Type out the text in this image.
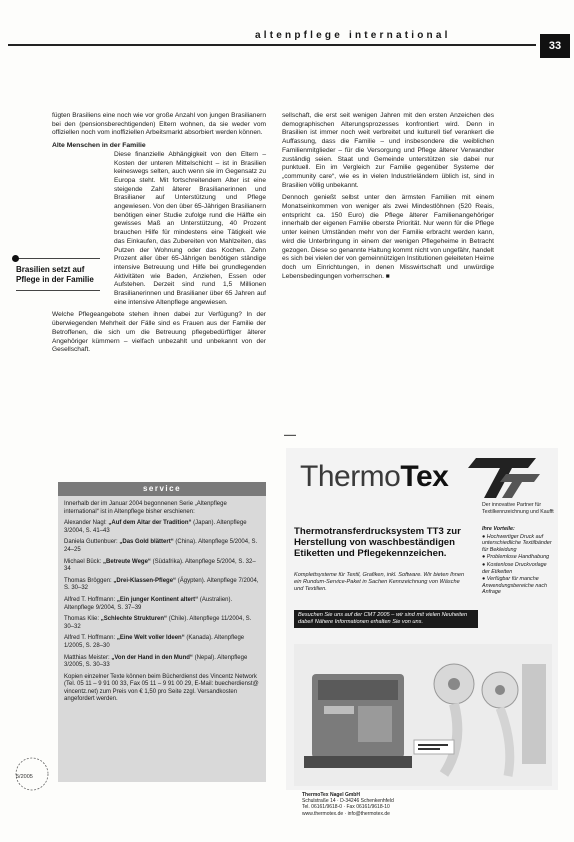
altenpflege international
33

fügten Brasiliens eine noch wie vor große Anzahl von jungen Brasilianern bei den (pensionsberechtigenden) Eltern wohnen, da sie weder vom offiziellen noch vom inoffiziellen Arbeitsmarkt absorbiert werden können.

Alte Menschen in der Familie

Diese finanzielle Abhängigkeit von den Eltern – Kosten der unteren Mittelschicht – ist in Brasilien keineswegs selten, auch wenn sie im Gegensatz zu Europa steht. Mit fortschreitendem Alter ist eine steigende Zahl älterer Brasilianerinnen und Brasilianer auf Unterstützung und Pflege angewiesen. Von den über 65-Jährigen Brasilianern benötigen einer Studie zufolge rund die Hälfte ein gewisses Maß an Unterstützung, 40 Prozent brauchen Hilfe für mindestens eine Tätigkeit wie das Einkaufen, das Zubereiten von Mahlzeiten, das Putzen der Wohnung oder das Kochen. Zehn Prozent aller über 65-Jährigen benötigen ständige intensive Betreuung und Hilfe bei grundlegenden Aktivitäten wie Baden, Anziehen, Essen oder Aufstehen. Derzeit sind rund 1,5 Millionen Brasilianerinnen und Brasilianer über 65 Jahren auf eine intensive Altenpflege angewiesen.

Welche Pflegeangebote stehen ihnen dabei zur Verfügung? In der überwiegenden Mehrheit der Fälle sind es Frauen aus der Familie der Betroffenen, die sich um die Betreuung pflegebedürftiger älterer Angehöriger kümmern – vielfach unbezahlt und unbekannt von der Gesellschaft.

Brasilien setzt auf Pflege in der Familie

sellschaft, die erst seit wenigen Jahren mit den ersten Anzeichen des demographischen Alterungsprozesses konfrontiert wird. Denn in Brasilien ist immer noch weit verbreitet und kulturell tief verankert die Auffassung, dass die Familie – und insbesondere die weiblichen Familienmitglieder – für die Versorgung und Pflege älterer Verwandter zuständig seien. Staat und Gemeinde unterstützen sie dabei nur punktuell. Ein im Vergleich zur Familie gegenüber Systeme der „community care“, wie es in vielen Industrieländern üblich ist, sind in Brasilien völlig unbekannt.

Dennoch genießt selbst unter den ärmsten Familien mit einem Monatseinkommen von weniger als zwei Mindestlöhnen (520 Reais, entspricht ca. 150 Euro) die Pflege älterer Familienangehöriger innerhalb der eigenen Familie oberste Priorität. Nur wenn für die Pflege unter keinen Umständen mehr von der Familie erbracht werden kann, wird die Unterbringung in einem der wenigen Pflegeheime in Betracht gezogen. Diese so genannte Haltung kommt nicht von ungefähr, handelt es sich bei vielen der von gemeinnützigen Institutionen geleiteten Heime doch um Einrichtungen, in denen Misswirtschaft und unwürdige Lebensbedingungen vorherrschen. ■

▬▬▬
service
Innerhalb der im Januar 2004 begonnenen Serie „Altenpflege international“ ist in Altenpflege bisher erschienen:
Alexander Nagl: „Auf dem Altar der Tradition“ (Japan). Altenpflege 3/2004, S. 41–43
Daniela Guttenbuer: „Das Gold blättert“ (China). Altenpflege 5/2004, S. 24–25
Michael Bück: „Betreute Wege“ (Südafrika). Altenpflege 5/2004, S. 32–34
Thomas Bröggen: „Drei-Klassen-Pflege“ (Ägypten). Altenpflege 7/2004, S. 30–32
Alfred T. Hoffmann: „Ein junger Kontinent altert“ (Australien). Altenpflege 9/2004, S. 37–39
Thomas Klie: „Schlechte Strukturen“ (Chile). Altenpflege 11/2004, S. 30–32
Alfred T. Hoffmann: „Eine Welt voller Ideen“ (Kanada). Altenpflege 1/2005, S. 28–30
Matthias Meister: „Von der Hand in den Mund“ (Nepal). Altenpflege 3/2005, S. 30–33
Kopien einzelner Texte können beim Bücherdienst des Vincentz Network (Tel. 05 11 – 9 91 00 33, Fax 05 11 – 9 91 00 29, E-Mail: buecherdienst@ vincentz.net) zum Preis von € 1,50 pro Seite zzgl. Versandkosten angefordert werden.
ThermoTex
Der innovative Partner für Textilkennzeichnung und Kaufft
Thermotransferdrucksystem TT3 zur Herstellung von waschbeständigen Etiketten und Pflegekennzeichen.
Komplettsysteme für Textil, Grafiken, inkl. Software. Wir bieten Ihnen ein Rundum-Service-Paket in Sachen Kennzeichnung von Wäsche und Textilien.
Ihre Vorteile:
● Hochwertiger Druck auf unterschiedliche Textilbänder für Bekleidung
● Problemlose Handhabung
● Kostenlose Druckvorlage der Etiketten
● Verfügbar für manche Anwendungsbereiche nach Anfrage
Besuchen Sie uns auf der CMT 2005 – wir sind mit vielen Neuheiten dabei! Nähere Informationen erhalten Sie von uns.
ThermoTex Nagel GmbH
Schulstraße 14 · D-34246 Schenkenhfeld
Tel. 06161/9618-0 · Fax 06161/9618-10
www.thermotex.de · info@thermotex.de
5/2005
